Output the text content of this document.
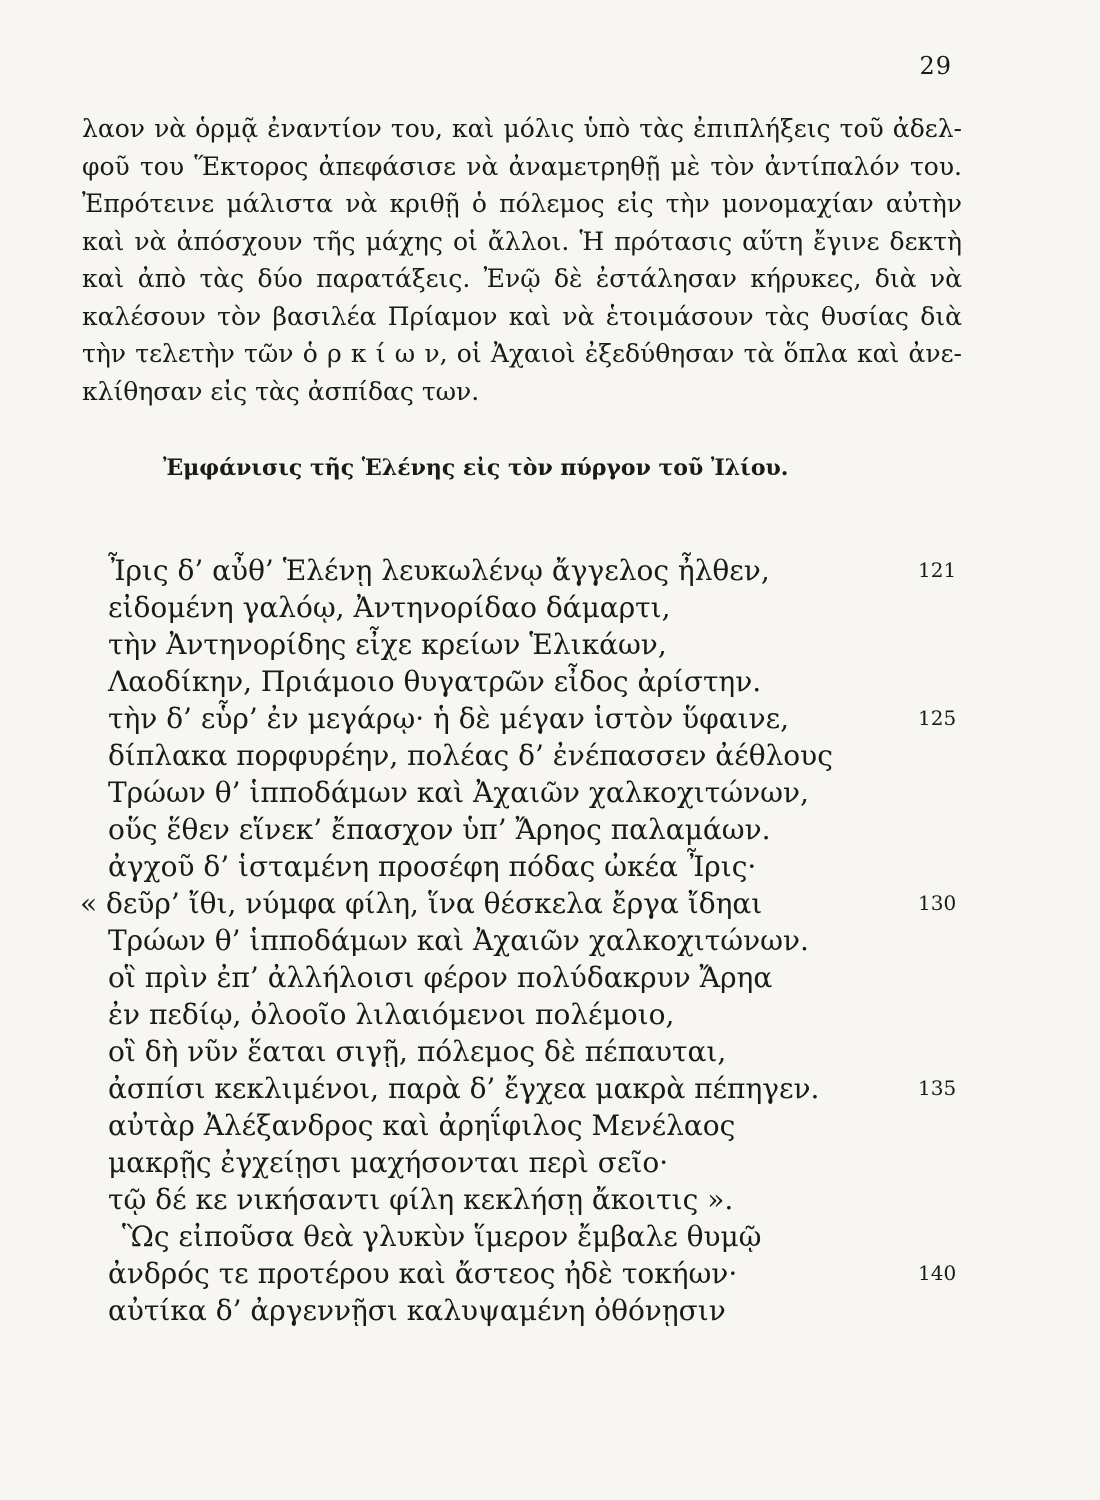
29
λαον νὰ ὁρμᾷ ἐναντίον του, καὶ μόλις ὑπὸ τὰς ἐπιπλήξεις τοῦ ἀδελ-
φοῦ του Ἕκτορος ἀπεφάσισε νὰ ἀναμετρηθῇ μὲ τὸν ἀντίπαλόν του.
Ἐπρότεινε μάλιστα νὰ κριθῇ ὁ πόλεμος εἰς τὴν μονομαχίαν αὐτὴν
καὶ νὰ ἀπόσχουν τῆς μάχης οἱ ἄλλοι. Ἡ πρότασις αὕτη ἔγινε δεκτὴ
καὶ ἀπὸ τὰς δύο παρατάξεις. Ἐνῷ δὲ ἐστάλησαν κήρυκες, διὰ νὰ
καλέσουν τὸν βασιλέα Πρίαμον καὶ νὰ ἑτοιμάσουν τὰς θυσίας διὰ
τὴν τελετὴν τῶν ὁ ρ κ ί ω ν, οἱ Ἀχαιοὶ ἐξεδύθησαν τὰ ὅπλα καὶ ἀνε-
κλίθησαν εἰς τὰς ἀσπίδας των.
Ἐμφάνισις τῆς Ἑλένης εἰς τὸν πύργον τοῦ Ἰλίου.
Ἶρις δ’ αὖθ’ Ἑλένῃ λευκωλένῳ ἄγγελος ἦλθεν,	121
εἰδομένη γαλόῳ, Ἀντηνορίδαο δάμαρτι,
τὴν Ἀντηνορίδης εἶχε κρείων Ἑλικάων,
Λαοδίκην, Πριάμοιο θυγατρῶν εἶδος ἀρίστην.
τὴν δ’ εὗρ’ ἐν μεγάρῳ· ἡ δὲ μέγαν ἱστὸν ὕφαινε,	125
δίπλακα πορφυρέην, πολέας δ’ ἐνέπασσεν ἀέθλους
Τρώων θ’ ἱπποδάμων καὶ Ἀχαιῶν χαλκοχιτώνων,
οὕς ἕθεν εἵνεκ’ ἔπασχον ὑπ’ Ἄρηος παλαμάων.
ἀγχοῦ δ’ ἱσταμένη προσέφη πόδας ὠκέα Ἶρις·
« δεῦρ’ ἴθι, νύμφα φίλη, ἵνα θέσκελα ἔργα ἴδηαι	130
Τρώων θ’ ἱπποδάμων καὶ Ἀχαιῶν χαλκοχιτώνων.
οἳ πρὶν ἐπ’ ἀλλήλοισι φέρον πολύδακρυν Ἄρηα
ἐν πεδίῳ, ὀλοοῖο λιλαιόμενοι πολέμοιο,
οἳ δὴ νῦν ἕαται σιγῇ, πόλεμος δὲ πέπαυται,
ἀσπίσι κεκλιμένοι, παρὰ δ’ ἔγχεα μακρὰ πέπηγεν.	135
αὐτὰρ Ἀλέξανδρος καὶ ἀρηΐφιλος Μενέλαος
μακρῇς ἐγχείῃσι μαχήσονται περὶ σεῖο·
τῷ δέ κε νικήσαντι φίλη κεκλήσῃ ἄκοιτις ».
Ὣς εἰποῦσα θεὰ γλυκὺν ἵμερον ἔμβαλε θυμῷ
ἀνδρός τε προτέρου καὶ ἄστεος ἠδὲ τοκήων·	140
αὐτίκα δ’ ἀργεννῇσι καλυψαμένη ὀθόνῃσιν
